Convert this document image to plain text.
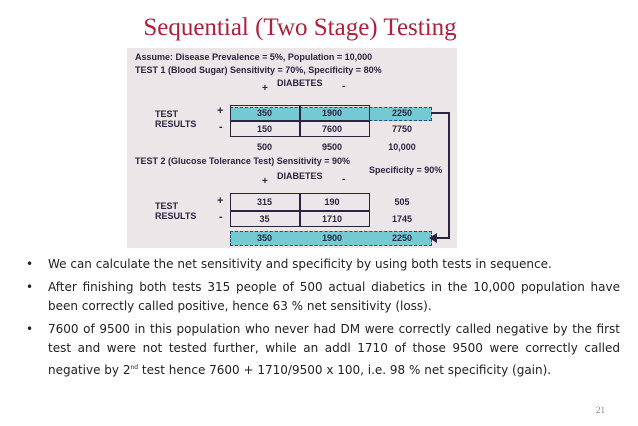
Sequential (Two Stage) Testing
Assume: Disease Prevalence = 5%, Population = 10,000
TEST 1 (Blood Sugar) Sensitivity = 70%, Specificity = 80%
DIABETES
+	-
TEST
RESULTS
+
-
350	1900	2250
150	7600	7750
500	9500	10,000
TEST 2 (Glucose Tolerance Test) Sensitivity = 90%
Specificity = 90%
DIABETES
+	-
TEST
RESULTS
+
-
315	190	505
35	1710	1745
350	1900	2250
• We can calculate the net sensitivity and specificity by using both tests in sequence.
• After finishing both tests 315 people of 500 actual diabetics in the 10,000 population have been correctly called positive, hence 63 % net sensitivity (loss).
• 7600 of 9500 in this population who never had DM were correctly called negative by the first test and were not tested further, while an addl 1710 of those 9500 were correctly called negative by 2nd test hence 7600 + 1710/9500 x 100, i.e. 98 % net specificity (gain).
21
